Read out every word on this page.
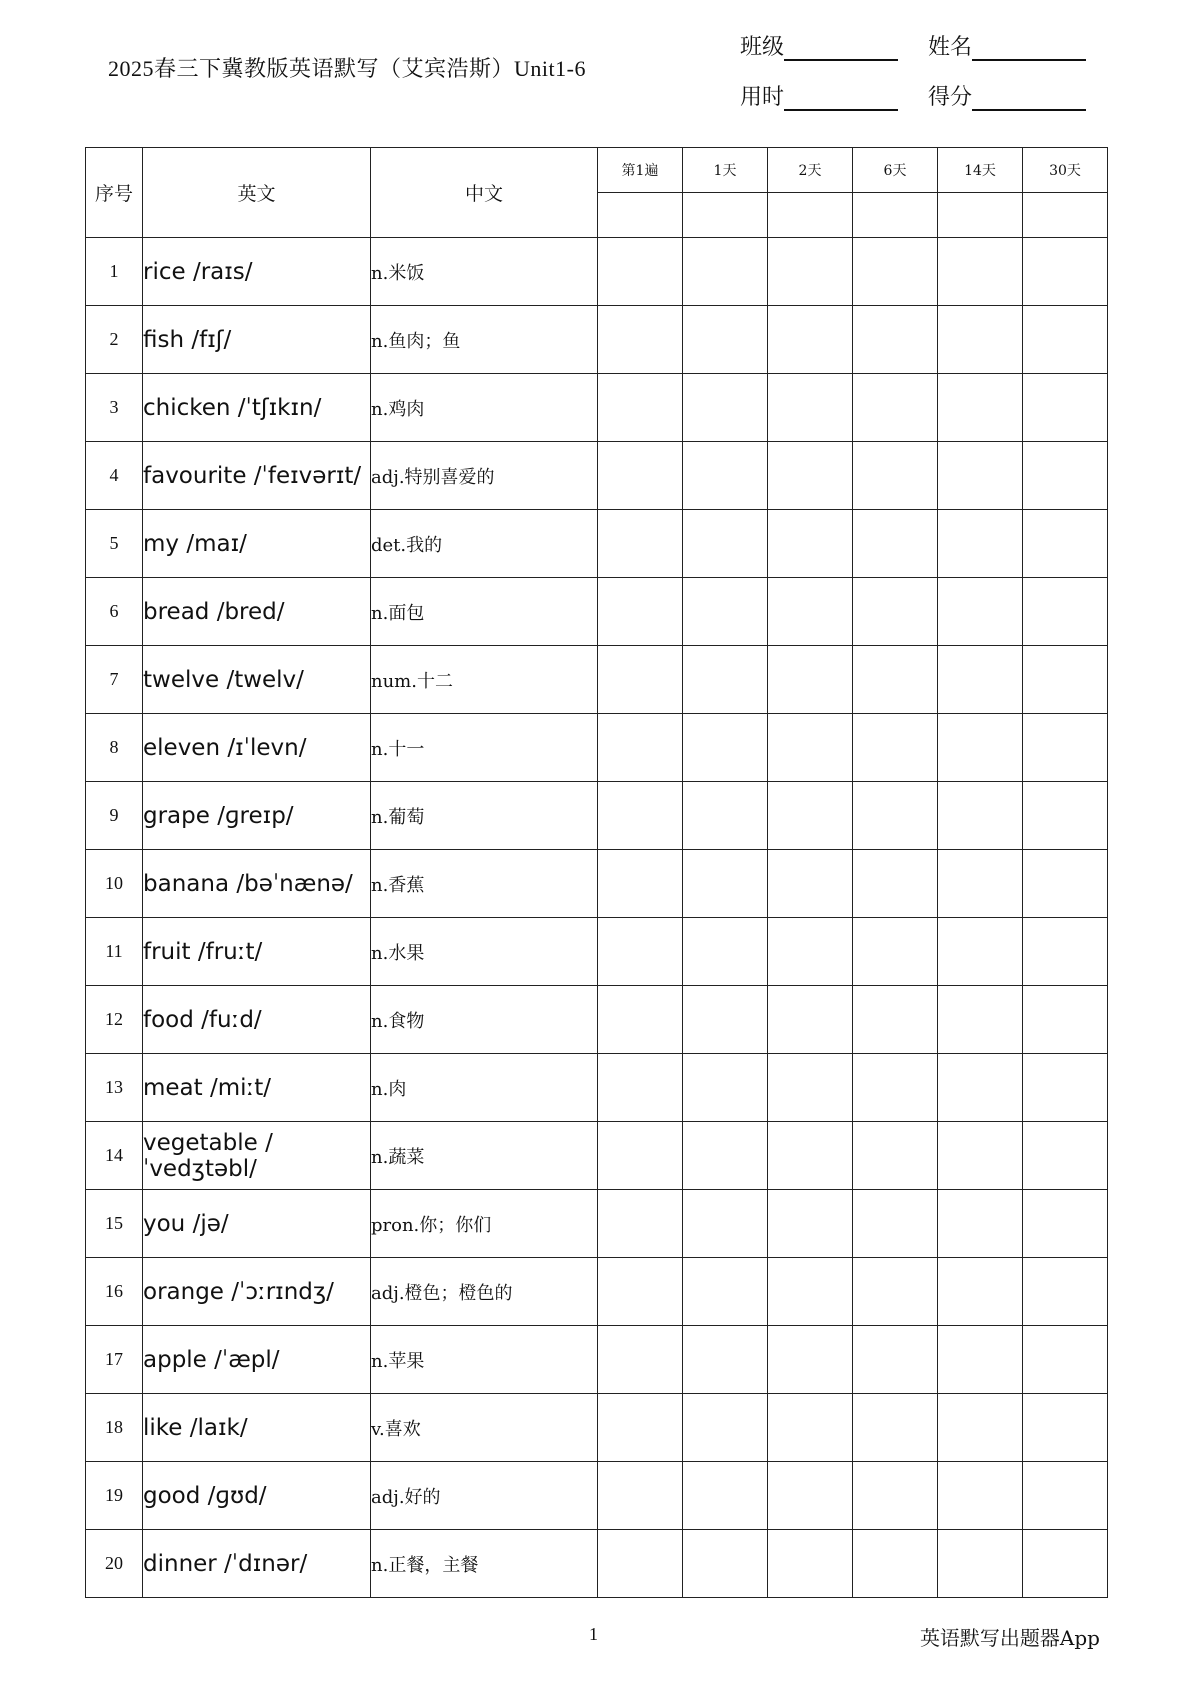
2025春三下冀教版英语默写（艾宾浩斯）Unit1-6
班级	姓名
用时	得分
序号	英文	中文	第1遍	1天	2天	6天	14天	30天

1	rice /raɪs/	n.米饭						
2	fish /fɪʃ/	n.鱼肉；鱼						
3	chicken /ˈtʃɪkɪn/	n.鸡肉						
4	favourite /ˈfeɪvərɪt/	adj.特别喜爱的						
5	my /maɪ/	det.我的						
6	bread /bred/	n.面包						
7	twelve /twelv/	num.十二						
8	eleven /ɪˈlevn/	n.十一						
9	grape /ɡreɪp/	n.葡萄						
10	banana /bəˈnænə/	n.香蕉						
11	fruit /fruːt/	n.水果						
12	food /fuːd/	n.食物						
13	meat /miːt/	n.肉						
14	vegetable /ˈvedʒtəbl/	n.蔬菜						
15	you /jə/	pron.你；你们						
16	orange /ˈɔːrɪndʒ/	adj.橙色；橙色的						
17	apple /ˈæpl/	n.苹果						
18	like /laɪk/	v.喜欢						
19	good /ɡʊd/	adj.好的						
20	dinner /ˈdɪnər/	n.正餐，主餐						
1	英语默写出题器App
